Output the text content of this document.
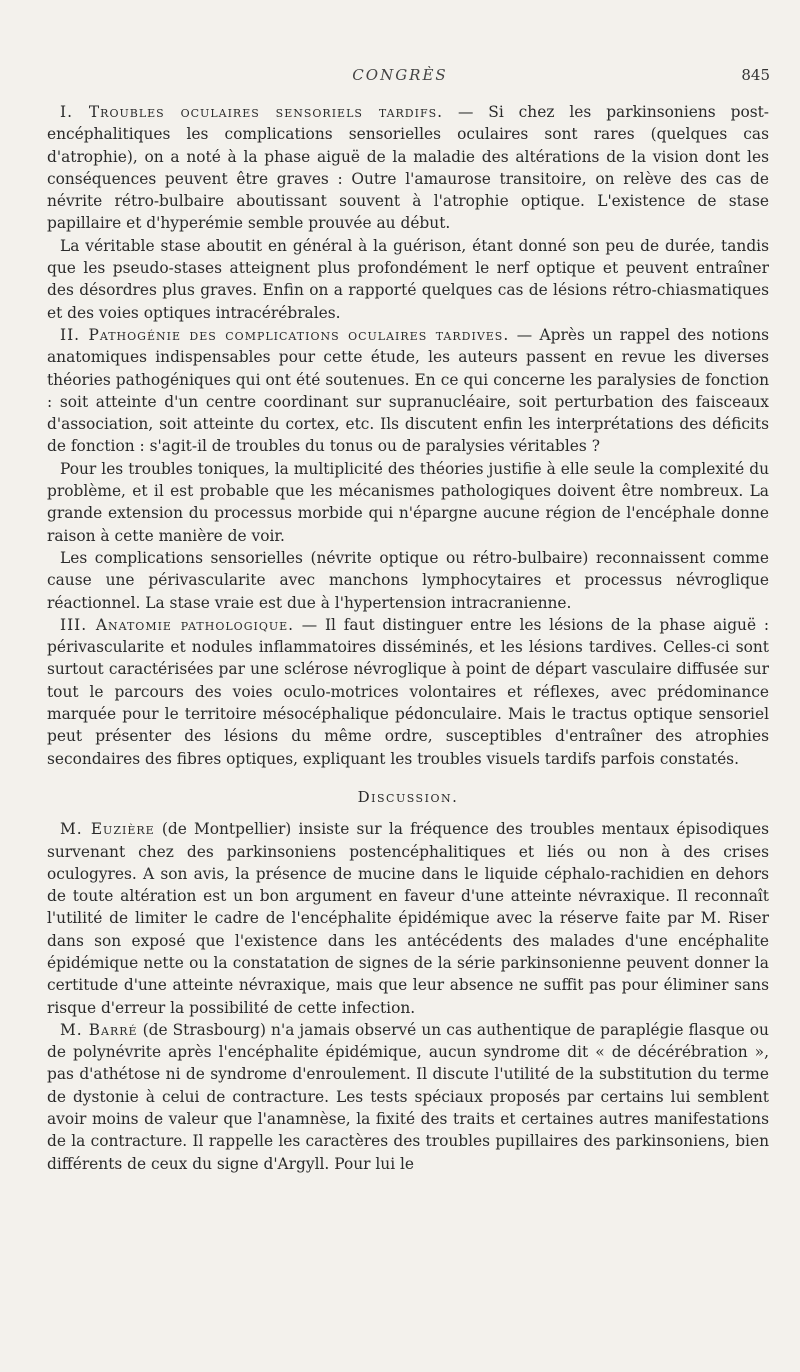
CONGRÈS	845

I. Troubles oculaires sensoriels tardifs. — Si chez les parkinsoniens post-encéphalitiques les complications sensorielles oculaires sont rares (quelques cas d'atrophie), on a noté à la phase aiguë de la maladie des altérations de la vision dont les conséquences peuvent être graves : Outre l'amaurose transitoire, on relève des cas de névrite rétro-bulbaire aboutissant souvent à l'atrophie optique. L'existence de stase papillaire et d'hyperémie semble prouvée au début.

La véritable stase aboutit en général à la guérison, étant donné son peu de durée, tandis que les pseudo-stases atteignent plus profondément le nerf optique et peuvent entraîner des désordres plus graves. Enfin on a rapporté quelques cas de lésions rétro-chiasmatiques et des voies optiques intracérébrales.

II. Pathogénie des complications oculaires tardives. — Après un rappel des notions anatomiques indispensables pour cette étude, les auteurs passent en revue les diverses théories pathogéniques qui ont été soutenues. En ce qui concerne les paralysies de fonction : soit atteinte d'un centre coordinant sur supranucléaire, soit perturbation des faisceaux d'association, soit atteinte du cortex, etc. Ils discutent enfin les interprétations des déficits de fonction : s'agit-il de troubles du tonus ou de paralysies véritables ?

Pour les troubles toniques, la multiplicité des théories justifie à elle seule la complexité du problème, et il est probable que les mécanismes pathologiques doivent être nombreux. La grande extension du processus morbide qui n'épargne aucune région de l'encéphale donne raison à cette manière de voir.

Les complications sensorielles (névrite optique ou rétro-bulbaire) reconnaissent comme cause une périvascularite avec manchons lymphocytaires et processus névroglique réactionnel. La stase vraie est due à l'hypertension intracranienne.

III. Anatomie pathologique. — Il faut distinguer entre les lésions de la phase aiguë : périvascularite et nodules inflammatoires disséminés, et les lésions tardives. Celles-ci sont surtout caractérisées par une sclérose névroglique à point de départ vasculaire diffusée sur tout le parcours des voies oculo-motrices volontaires et réflexes, avec prédominance marquée pour le territoire mésocéphalique pédonculaire. Mais le tractus optique sensoriel peut présenter des lésions du même ordre, susceptibles d'entraîner des atrophies secondaires des fibres optiques, expliquant les troubles visuels tardifs parfois constatés.

Discussion.

M. Euzière (de Montpellier) insiste sur la fréquence des troubles mentaux épisodiques survenant chez des parkinsoniens postencéphalitiques et liés ou non à des crises oculogyres. A son avis, la présence de mucine dans le liquide céphalo-rachidien en dehors de toute altération est un bon argument en faveur d'une atteinte névraxique. Il reconnaît l'utilité de limiter le cadre de l'encéphalite épidémique avec la réserve faite par M. Riser dans son exposé que l'existence dans les antécédents des malades d'une encéphalite épidémique nette ou la constatation de signes de la série parkinsonienne peuvent donner la certitude d'une atteinte névraxique, mais que leur absence ne suffit pas pour éliminer sans risque d'erreur la possibilité de cette infection.

M. Barré (de Strasbourg) n'a jamais observé un cas authentique de paraplégie flasque ou de polynévrite après l'encéphalite épidémique, aucun syndrome dit « de décérébration », pas d'athétose ni de syndrome d'enroulement. Il discute l'utilité de la substitution du terme de dystonie à celui de contracture. Les tests spéciaux proposés par certains lui semblent avoir moins de valeur que l'anamnèse, la fixité des traits et certaines autres manifestations de la contracture. Il rappelle les caractères des troubles pupillaires des parkinsoniens, bien différents de ceux du signe d'Argyll. Pour lui le
